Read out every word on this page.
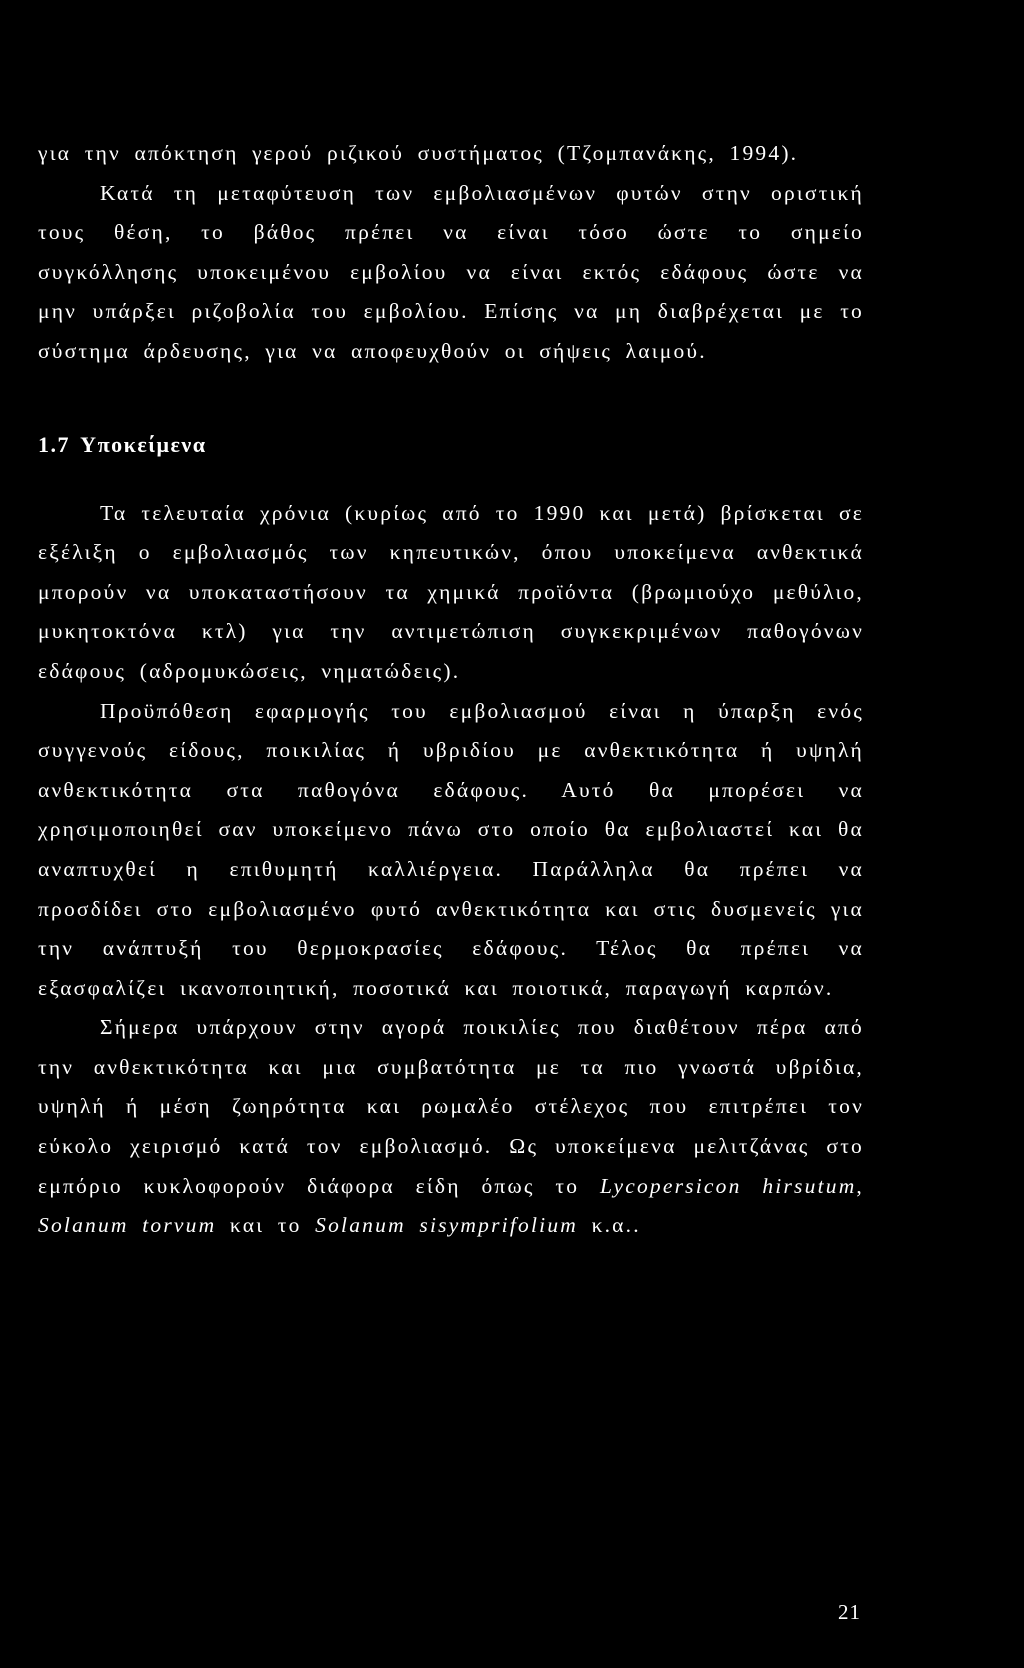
για την απόκτηση γερού ριζικού συστήματος (Τζομπανάκης, 1994).

Κατά τη μεταφύτευση των εμβολιασμένων φυτών στην οριστική τους θέση, το βάθος πρέπει να είναι τόσο ώστε το σημείο συγκόλλησης υποκειμένου εμβολίου να είναι εκτός εδάφους ώστε να μην υπάρξει ριζοβολία του εμβολίου. Επίσης να μη διαβρέχεται με το σύστημα άρδευσης, για να αποφευχθούν οι σήψεις λαιμού.

1.7 Υποκείμενα

Τα τελευταία χρόνια (κυρίως από το 1990 και μετά) βρίσκεται σε εξέλιξη ο εμβολιασμός των κηπευτικών, όπου υποκείμενα ανθεκτικά μπορούν να υποκαταστήσουν τα χημικά προϊόντα (βρωμιούχο μεθύλιο, μυκητοκτόνα κτλ) για την αντιμετώπιση συγκεκριμένων παθογόνων εδάφους (αδρομυκώσεις, νηματώδεις).

Προϋπόθεση εφαρμογής του εμβολιασμού είναι η ύπαρξη ενός συγγενούς είδους, ποικιλίας ή υβριδίου με ανθεκτικότητα ή υψηλή ανθεκτικότητα στα παθογόνα εδάφους. Αυτό θα μπορέσει να χρησιμοποιηθεί σαν υποκείμενο πάνω στο οποίο θα εμβολιαστεί και θα αναπτυχθεί η επιθυμητή καλλιέργεια. Παράλληλα θα πρέπει να προσδίδει στο εμβολιασμένο φυτό ανθεκτικότητα και στις δυσμενείς για την ανάπτυξή του θερμοκρασίες εδάφους. Τέλος θα πρέπει να εξασφαλίζει ικανοποιητική, ποσοτικά και ποιοτικά, παραγωγή καρπών.

Σήμερα υπάρχουν στην αγορά ποικιλίες που διαθέτουν πέρα από την ανθεκτικότητα και μια συμβατότητα με τα πιο γνωστά υβρίδια, υψηλή ή μέση ζωηρότητα και ρωμαλέο στέλεχος που επιτρέπει τον εύκολο χειρισμό κατά τον εμβολιασμό. Ως υποκείμενα μελιτζάνας στο εμπόριο κυκλοφορούν διάφορα είδη όπως το Lycopersicon hirsutum, Solanum torvum και το Solanum sisymprifolium κ.α..

21
